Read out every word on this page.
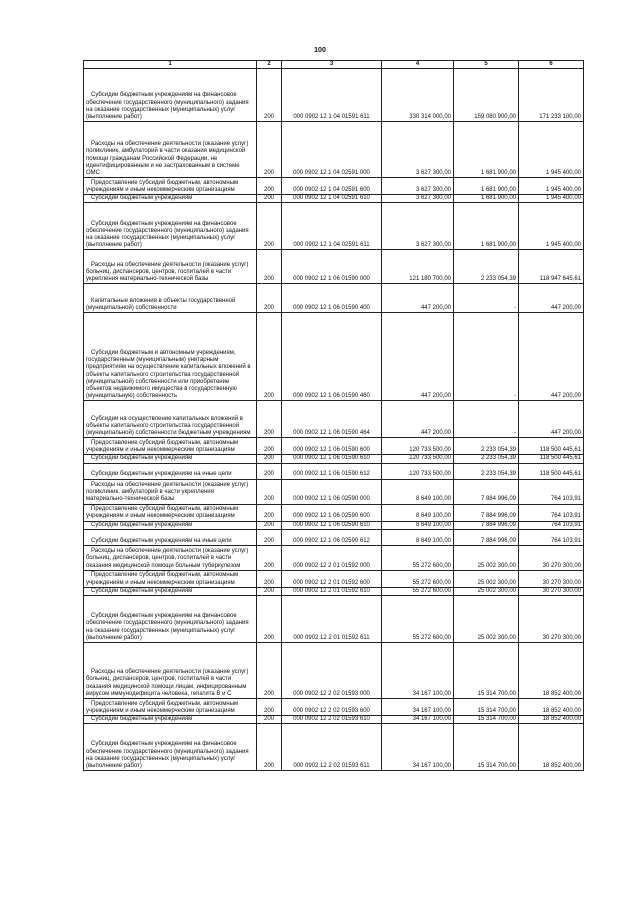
100
1	2	3	4	5	6
Субсидии бюджетным учреждениям на финансовое обеспечение государственного (муниципального) задания на оказание государственных (муниципальных) услуг (выполнение работ)	200	000 0902 12 1 04 01591 611	330 314 000,00	159 080 900,00	171 233 100,00
Расходы на обеспечение деятельности (оказание услуг) поликлиник, амбулаторий в части оказания медицинской помощи гражданам Российской Федерации, не идентифицированным и не застрахованным в системе ОМС	200	000 0902 12 1 04 02591 000	3 627 300,00	1 681 900,00	1 945 400,00
Предоставление субсидий бюджетным, автономным учреждениям и иным некоммерческим организациям	200	000 0902 12 1 04 02591 600	3 627 300,00	1 681 900,00	1 945 400,00
Субсидии бюджетным учреждениям	200	000 0902 12 1 04 02591 610	3 627 300,00	1 681 900,00	1 945 400,00
Субсидии бюджетным учреждениям на финансовое обеспечение государственного (муниципального) задания на оказание государственных (муниципальных) услуг (выполнение работ)	200	000 0902 12 1 04 02591 611	3 627 300,00	1 681 900,00	1 945 400,00
Расходы на обеспечение деятельности (оказание услуг) больниц, диспансеров, центров, госпиталей в части укрепления материально-технической базы	200	000 0902 12 1 06 01590 000	121 180 700,00	2 233 054,39	118 947 645,61
Капитальные вложения в объекты государственной (муниципальной) собственности	200	000 0902 12 1 06 01590 400	447 200,00	-	447 200,00
Субсидии бюджетным и автономным учреждениям, государственным (муниципальным) унитарным предприятиям на осуществление капитальных вложений в объекты капитального строительства государственной (муниципальной) собственности или приобретение объектов недвижимого имущества в государственную (муниципальную) собственность	200	000 0902 12 1 06 01590 460	447 200,00	-	447 200,00
Субсидии на осуществление капитальных вложений в объекты капитального строительства государственной (муниципальной) собственности бюджетным учреждениям	200	000 0902 12 1 06 01590 464	447 200,00	-	447 200,00
Предоставление субсидий бюджетным, автономным учреждениям и иным некоммерческим организациям	200	000 0902 12 1 06 01590 600	120 733 500,00	2 233 054,39	118 500 445,61
Субсидии бюджетным учреждениям	200	000 0902 12 1 06 01590 610	120 733 500,00	2 233 054,39	118 500 445,61
Субсидии бюджетным учреждениям на иные цели	200	000 0902 12 1 06 01590 612	120 733 500,00	2 233 054,39	118 500 445,61
Расходы на обеспечение деятельности (оказание услуг) поликлиник, амбулаторий в части укрепления материально-технической базы	200	000 0902 12 1 06 02590 000	8 649 100,00	7 884 996,09	764 103,91
Предоставление субсидий бюджетным, автономным учреждениям и иным некоммерческим организациям	200	000 0902 12 1 06 02590 600	8 649 100,00	7 884 996,09	764 103,91
Субсидии бюджетным учреждениям	200	000 0902 12 1 06 02590 610	8 649 100,00	7 884 996,09	764 103,91
Субсидии бюджетным учреждениям на иные цели	200	000 0902 12 1 06 02590 612	8 649 100,00	7 884 996,09	764 103,91
Расходы на обеспечение деятельности (оказание услуг) больниц, диспансеров, центров, госпиталей в части оказания медицинской помощи больным туберкулезом	200	000 0902 12 2 01 01592 000	55 272 600,00	25 002 300,00	30 270 300,00
Предоставление субсидий бюджетным, автономным учреждениям и иным некоммерческим организациям	200	000 0902 12 2 01 01592 600	55 272 600,00	25 002 300,00	30 270 300,00
Субсидии бюджетным учреждениям	200	000 0902 12 2 01 01592 610	55 272 600,00	25 002 300,00	30 270 300,00
Субсидии бюджетным учреждениям на финансовое обеспечение государственного (муниципального) задания на оказание государственных (муниципальных) услуг (выполнение работ)	200	000 0902 12 2 01 01592 611	55 272 600,00	25 002 300,00	30 270 300,00
Расходы на обеспечение деятельности (оказание услуг) больниц, диспансеров, центров, госпиталей в части оказания медицинской помощи лицам, инфицированным вирусом иммунодефицита человека, гепатита B и C	200	000 0902 12 2 02 01593 000	34 167 100,00	15 314 700,00	18 852 400,00
Предоставление субсидий бюджетным, автономным учреждениям и иным некоммерческим организациям	200	000 0902 12 2 02 01593 600	34 167 100,00	15 314 700,00	18 852 400,00
Субсидии бюджетным учреждениям	200	000 0902 12 2 02 01593 610	34 167 100,00	15 314 700,00	18 852 400,00
Субсидии бюджетным учреждениям на финансовое обеспечение государственного (муниципального) задания на оказание государственных (муниципальных) услуг (выполнение работ)	200	000 0902 12 2 02 01593 611	34 167 100,00	15 314 700,00	18 852 400,00
